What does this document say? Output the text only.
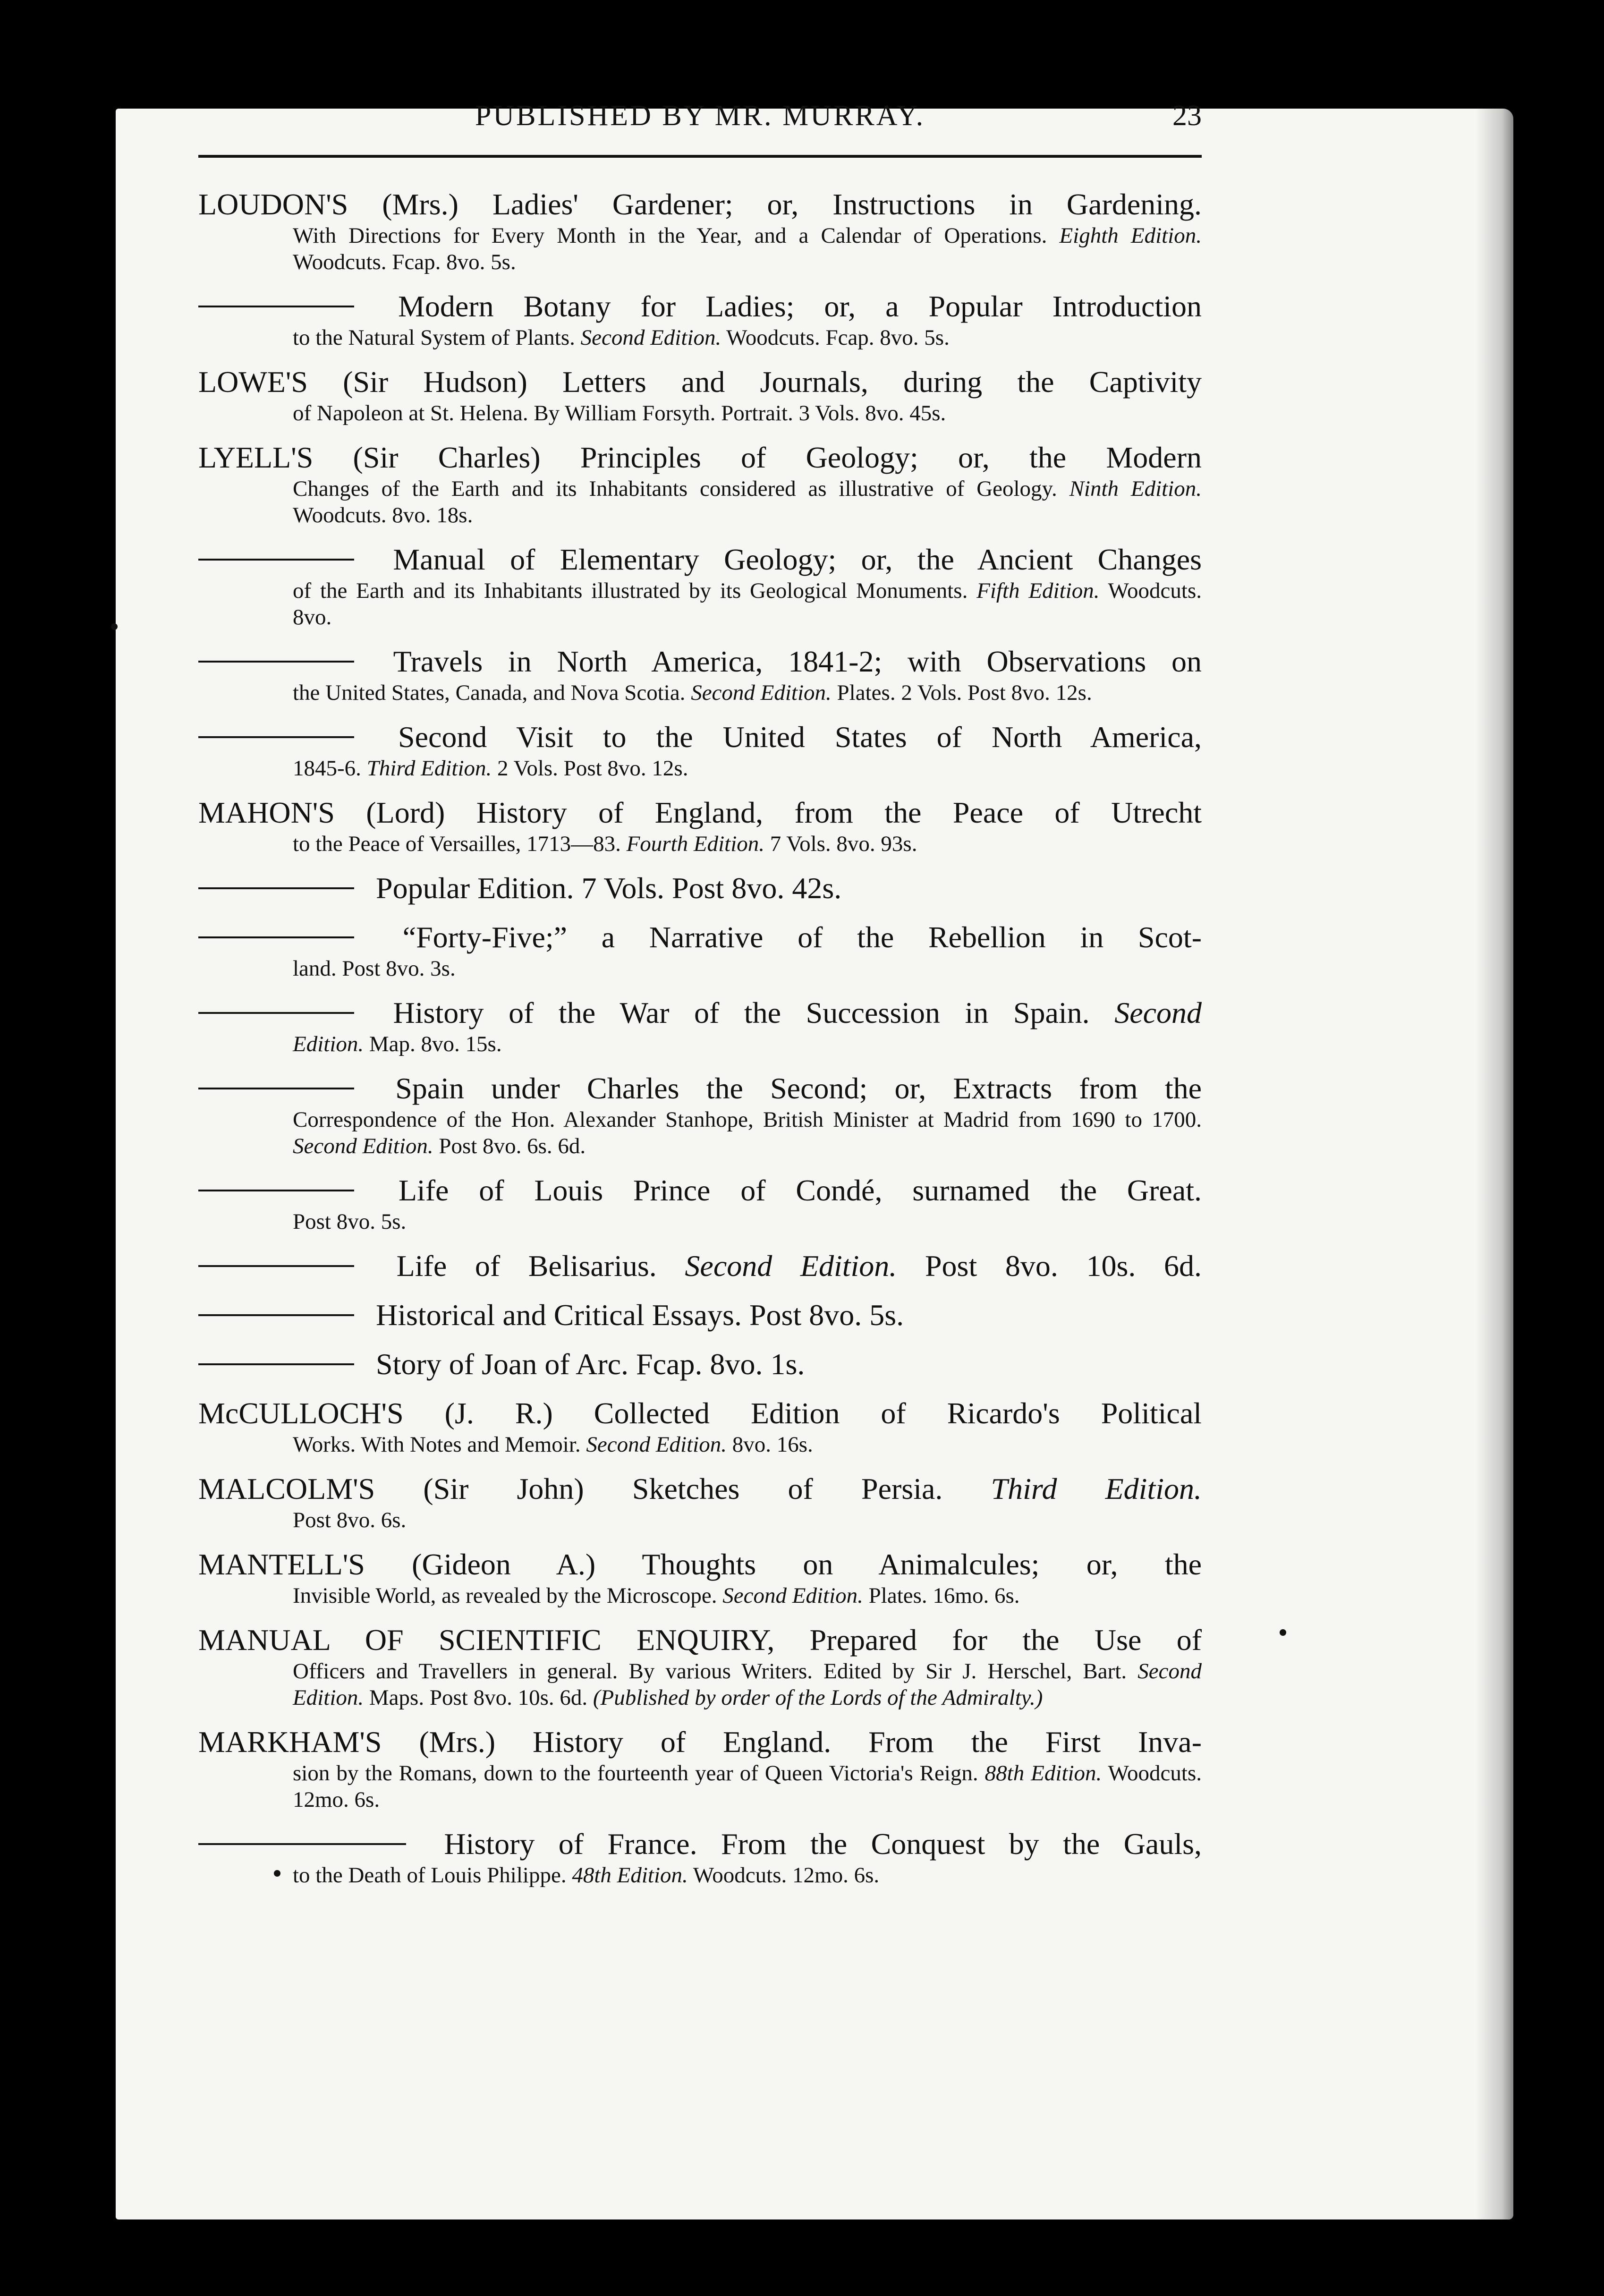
PUBLISHED BY MR. MURRAY.	23
LOUDON'S (Mrs.) Ladies' Gardener; or, Instructions in Gardening.
With Directions for Every Month in the Year, and a Calendar of Operations. Eighth Edition. Woodcuts. Fcap. 8vo. 5s.
Modern Botany for Ladies; or, a Popular Introduction
to the Natural System of Plants. Second Edition. Woodcuts. Fcap. 8vo. 5s.
LOWE'S (Sir Hudson) Letters and Journals, during the Captivity
of Napoleon at St. Helena. By William Forsyth. Portrait. 3 Vols. 8vo. 45s.
LYELL'S (Sir Charles) Principles of Geology; or, the Modern
Changes of the Earth and its Inhabitants considered as illustrative of Geology. Ninth Edition. Woodcuts. 8vo. 18s.
Manual of Elementary Geology; or, the Ancient Changes
of the Earth and its Inhabitants illustrated by its Geological Monuments. Fifth Edition. Woodcuts. 8vo.
Travels in North America, 1841-2; with Observations on
the United States, Canada, and Nova Scotia. Second Edition. Plates. 2 Vols. Post 8vo. 12s.
Second Visit to the United States of North America,
1845-6. Third Edition. 2 Vols. Post 8vo. 12s.
MAHON'S (Lord) History of England, from the Peace of Utrecht
to the Peace of Versailles, 1713—83. Fourth Edition. 7 Vols. 8vo. 93s.
Popular Edition. 7 Vols. Post 8vo. 42s.
“Forty-Five;” a Narrative of the Rebellion in Scot-
land. Post 8vo. 3s.
History of the War of the Succession in Spain. Second
Edition. Map. 8vo. 15s.
Spain under Charles the Second; or, Extracts from the
Correspondence of the Hon. Alexander Stanhope, British Minister at Madrid from 1690 to 1700. Second Edition. Post 8vo. 6s. 6d.
Life of Louis Prince of Condé, surnamed the Great.
Post 8vo. 5s.
Life of Belisarius. Second Edition. Post 8vo. 10s. 6d.
Historical and Critical Essays. Post 8vo. 5s.
Story of Joan of Arc. Fcap. 8vo. 1s.
McCULLOCH'S (J. R.) Collected Edition of Ricardo's Political
Works. With Notes and Memoir. Second Edition. 8vo. 16s.
MALCOLM'S (Sir John) Sketches of Persia. Third Edition.
Post 8vo. 6s.
MANTELL'S (Gideon A.) Thoughts on Animalcules; or, the
Invisible World, as revealed by the Microscope. Second Edition. Plates. 16mo. 6s.
MANUAL OF SCIENTIFIC ENQUIRY, Prepared for the Use of
Officers and Travellers in general. By various Writers. Edited by Sir J. Herschel, Bart. Second Edition. Maps. Post 8vo. 10s. 6d. (Published by order of the Lords of the Admiralty.)
MARKHAM'S (Mrs.) History of England. From the First Inva-
sion by the Romans, down to the fourteenth year of Queen Victoria's Reign. 88th Edition. Woodcuts. 12mo. 6s.
History of France. From the Conquest by the Gauls,
to the Death of Louis Philippe. 48th Edition. Woodcuts. 12mo. 6s.
